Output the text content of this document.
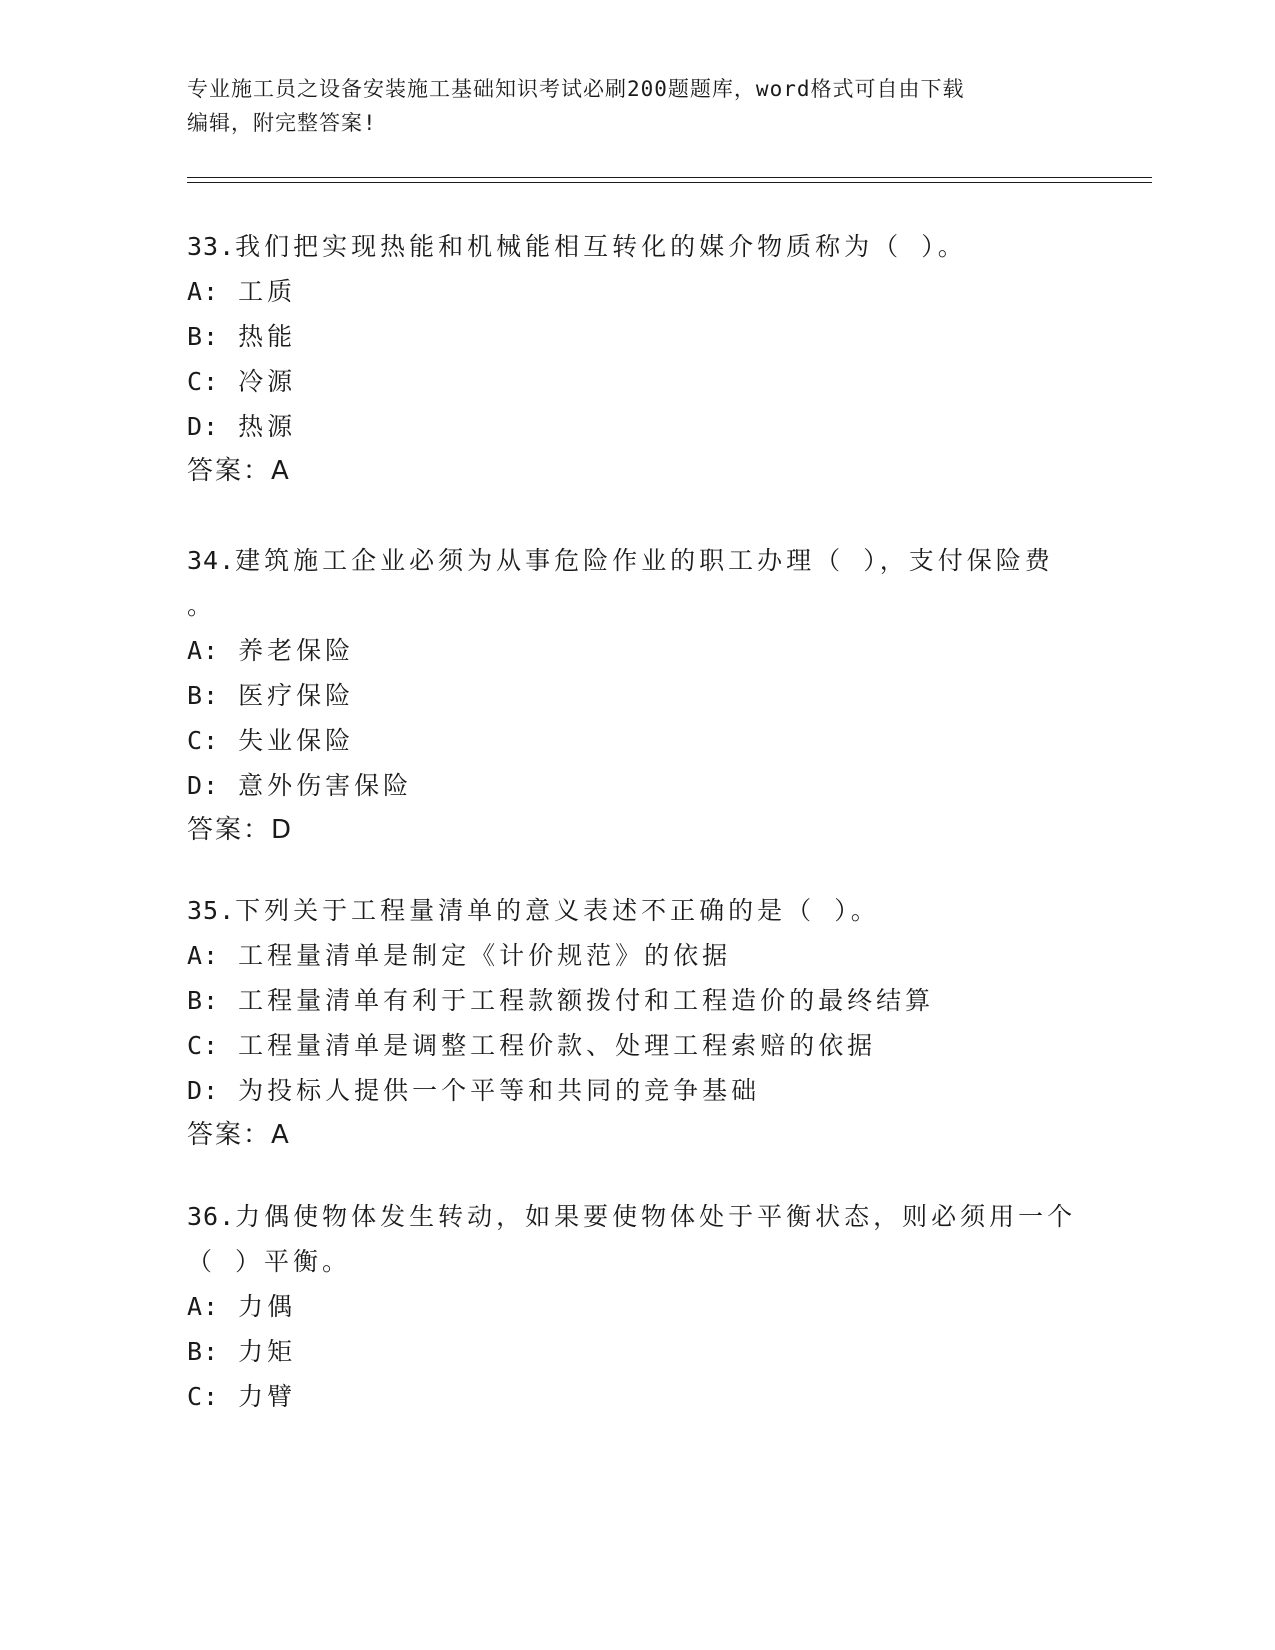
专业施工员之设备安装施工基础知识考试必刷200题题库，word格式可自由下载
编辑，附完整答案!
33.我们把实现热能和机械能相互转化的媒介物质称为（ ）。
A: 工质
B: 热能
C: 冷源
D: 热源
答案：A
34.建筑施工企业必须为从事危险作业的职工办理（ ），支付保险费
。
A: 养老保险
B: 医疗保险
C: 失业保险
D: 意外伤害保险
答案：D
35.下列关于工程量清单的意义表述不正确的是（ ）。
A: 工程量清单是制定《计价规范》的依据
B: 工程量清单有利于工程款额拨付和工程造价的最终结算
C: 工程量清单是调整工程价款、处理工程索赔的依据
D: 为投标人提供一个平等和共同的竞争基础
答案：A
36.力偶使物体发生转动，如果要使物体处于平衡状态，则必须用一个
（ ）平衡。
A: 力偶
B: 力矩
C: 力臂
